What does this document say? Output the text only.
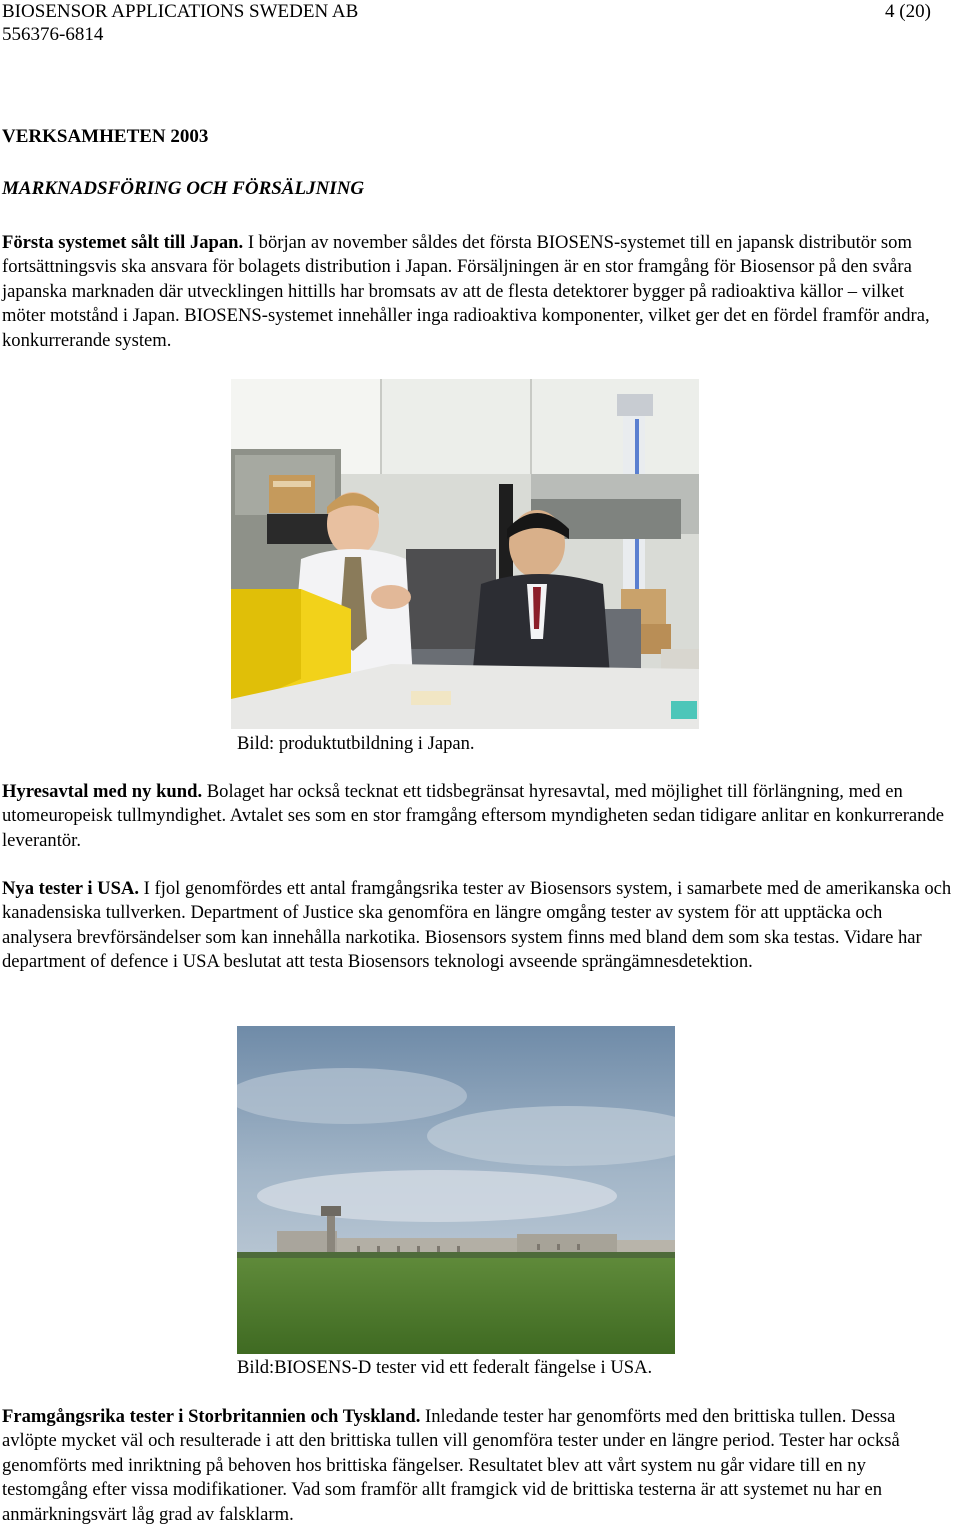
BIOSENSOR APPLICATIONS SWEDEN AB
556376-6814
4 (20)
VERKSAMHETEN 2003
MARKNADSFÖRING OCH FÖRSÄLJNING
Första systemet sålt till Japan. I början av november såldes det första BIOSENS-systemet till en japansk distributör som fortsättningsvis ska ansvara för bolagets distribution i Japan. Försäljningen är en stor framgång för Biosensor på den svåra japanska marknaden där utvecklingen hittills har bromsats av att de flesta detektorer bygger på radioaktiva källor – vilket möter motstånd i Japan. BIOSENS-systemet innehåller inga radioaktiva komponenter, vilket ger det en fördel framför andra, konkurrerande system.
Bild: produktutbildning i Japan.
Hyresavtal med ny kund. Bolaget har också tecknat ett tidsbegränsat hyresavtal, med möjlighet till förlängning, med en utomeuropeisk tullmyndighet. Avtalet ses som en stor framgång eftersom myndigheten sedan tidigare anlitar en konkurrerande leverantör.
Nya tester i USA. I fjol genomfördes ett antal framgångsrika tester av Biosensors system, i samarbete med de amerikanska och kanadensiska tullverken. Department of Justice ska genomföra en längre omgång tester av system för att upptäcka och analysera brevförsändelser som kan innehålla narkotika. Biosensors system finns med bland dem som ska testas. Vidare har department of defence i USA beslutat att testa Biosensors teknologi avseende sprängämnesdetektion.
Bild:BIOSENS-D tester vid ett federalt fängelse i USA.
Framgångsrika tester i Storbritannien och Tyskland. Inledande tester har genomförts med den brittiska tullen. Dessa avlöpte mycket väl och resulterade i att den brittiska tullen vill genomföra tester under en längre period. Tester har också genomförts med inriktning på behoven hos brittiska fängelser. Resultatet blev att vårt system nu går vidare till en ny testomgång efter vissa modifikationer. Vad som framför allt framgick vid de brittiska testerna är att systemet nu har en anmärkningsvärt låg grad av falsklarm.
